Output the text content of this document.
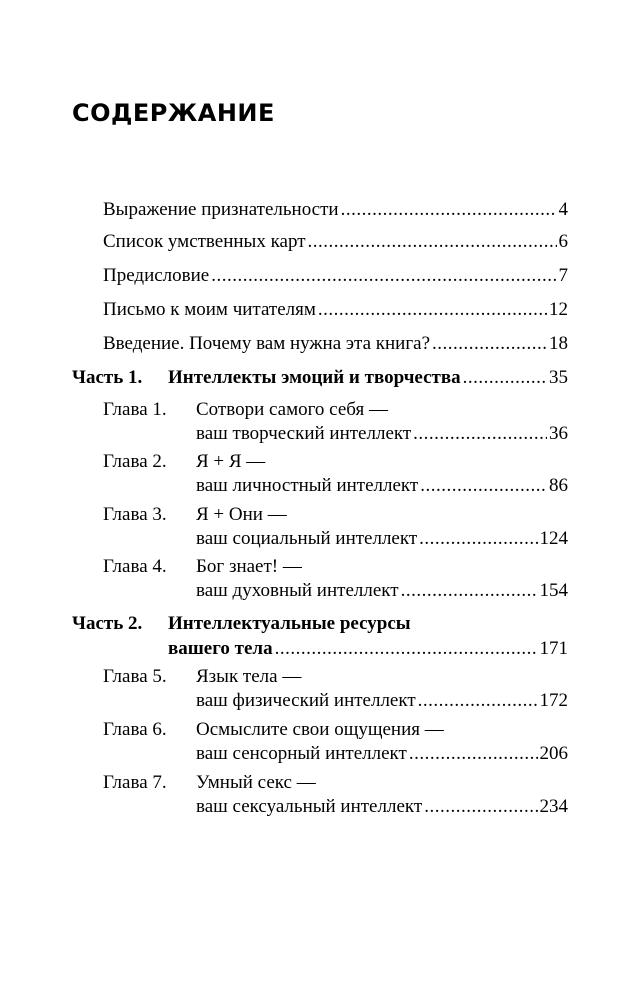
СОДЕРЖАНИЕ
Выражение признательности .....	4
Список умственных карт .....	6
Предисловие .....	7
Письмо к моим читателям .....	12
Введение. Почему вам нужна эта книга? .....	18
Часть 1. Интеллекты эмоций и творчества .....	35
Глава 1. Сотвори самого себя —
ваш творческий интеллект .....	36
Глава 2. Я + Я —
ваш личностный интеллект .....	86
Глава 3. Я + Они —
ваш социальный интеллект .....	124
Глава 4. Бог знает! —
ваш духовный интеллект .....	154
Часть 2. Интеллектуальные ресурсы
вашего тела .....	171
Глава 5. Язык тела —
ваш физический интеллект .....	172
Глава 6. Осмыслите свои ощущения —
ваш сенсорный интеллект .....	206
Глава 7. Умный секс —
ваш сексуальный интеллект .....	234
